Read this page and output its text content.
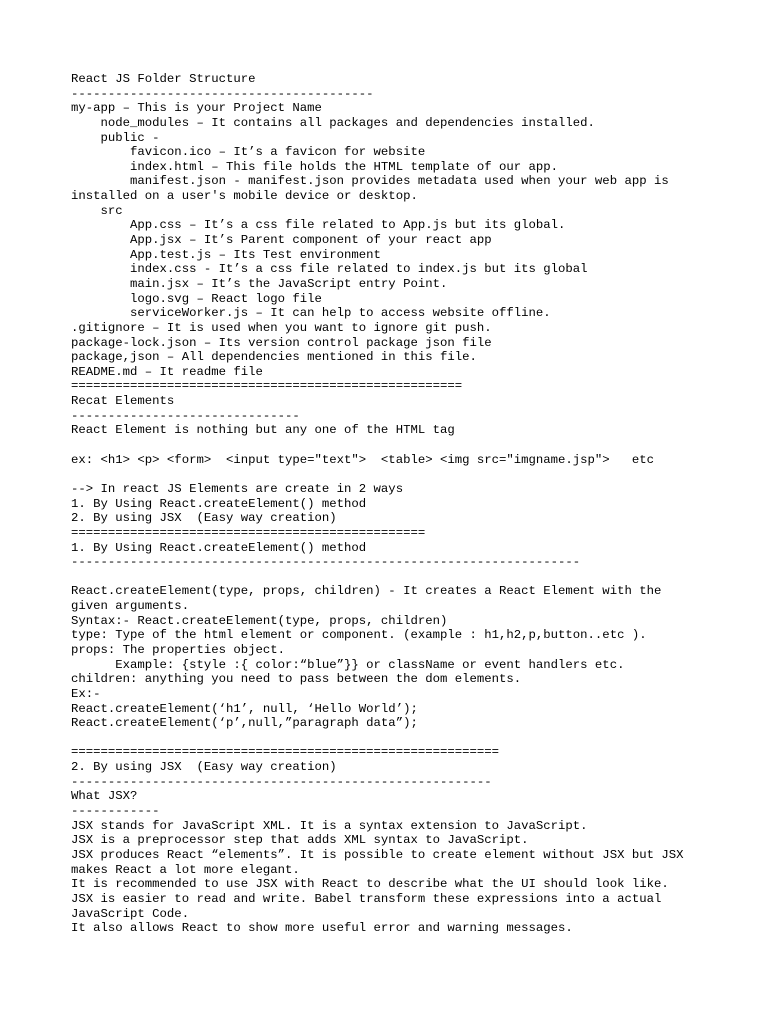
React JS Folder Structure
-----------------------------------------
my-app – This is your Project Name
node_modules – It contains all packages and dependencies installed.
public -
favicon.ico – It’s a favicon for website
index.html – This file holds the HTML template of our app.
manifest.json - manifest.json provides metadata used when your web app is
installed on a user's mobile device or desktop.
src
App.css – It’s a css file related to App.js but its global.
App.jsx – It’s Parent component of your react app
App.test.js – Its Test environment
index.css - It’s a css file related to index.js but its global
main.jsx – It’s the JavaScript entry Point.
logo.svg – React logo file
serviceWorker.js – It can help to access website offline.
.gitignore – It is used when you want to ignore git push.
package-lock.json – Its version control package json file
package,json – All dependencies mentioned in this file.
README.md – It readme file
=====================================================
Recat Elements
-------------------------------
React Element is nothing but any one of the HTML tag
ex: <h1> <p> <form>  <input type="text">  <table> <img src="imgname.jsp">   etc
--> In react JS Elements are create in 2 ways
1. By Using React.createElement() method
2. By using JSX  (Easy way creation)
================================================
1. By Using React.createElement() method
---------------------------------------------------------------------
React.createElement(type, props, children) - It creates a React Element with the
given arguments.
Syntax:- React.createElement(type, props, children)
type: Type of the html element or component. (example : h1,h2,p,button..etc ).
props: The properties object.
Example: {style :{ color:“blue”}} or className or event handlers etc.
children: anything you need to pass between the dom elements.
Ex:-
React.createElement(‘h1’, null, ‘Hello World’);
React.createElement(‘p’,null,”paragraph data”);
==========================================================
2. By using JSX  (Easy way creation)
---------------------------------------------------------
What JSX?
------------
JSX stands for JavaScript XML. It is a syntax extension to JavaScript.
JSX is a preprocessor step that adds XML syntax to JavaScript.
JSX produces React “elements”. It is possible to create element without JSX but JSX
makes React a lot more elegant.
It is recommended to use JSX with React to describe what the UI should look like.
JSX is easier to read and write. Babel transform these expressions into a actual
JavaScript Code.
It also allows React to show more useful error and warning messages.
